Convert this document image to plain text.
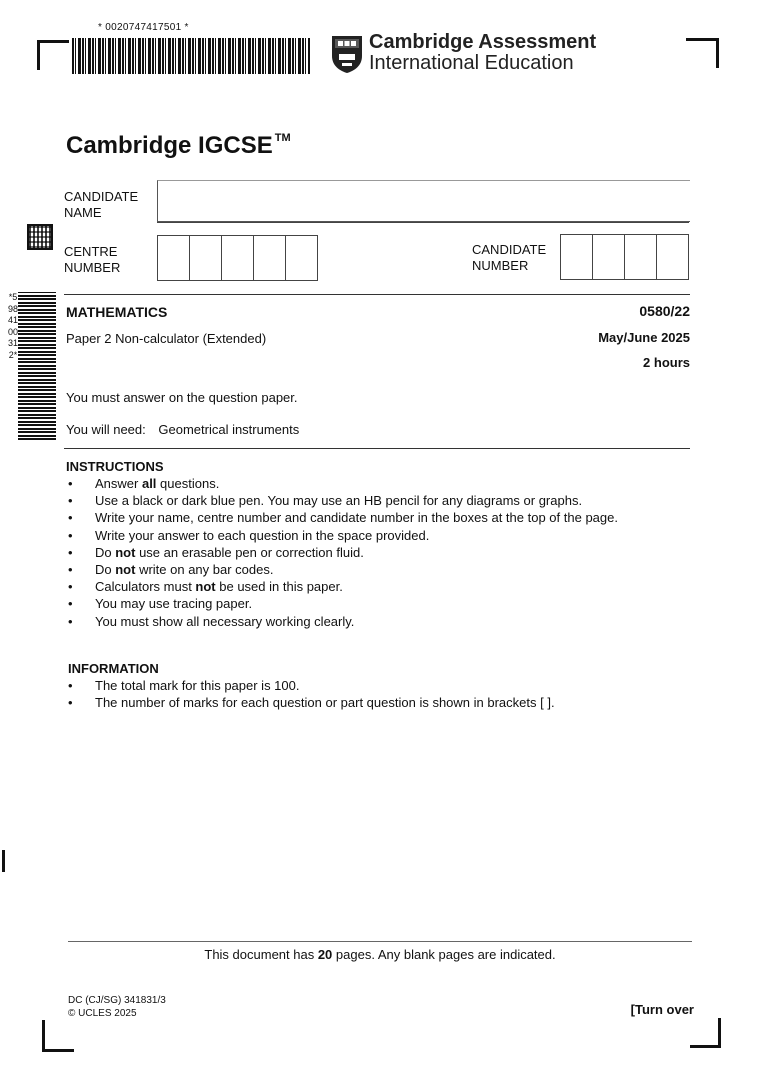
* 0020747417501 *
Cambridge Assessment
International Education
Cambridge IGCSE ™
CANDIDATE
NAME
*5984100312*
CENTRE
NUMBER
CANDIDATE
NUMBER
MATHEMATICS	0580/22
Paper 2 Non-calculator (Extended)	May/June 2025
2 hours
You must answer on the question paper.
You will need: Geometrical instruments
INSTRUCTIONS
• Answer all questions.
• Use a black or dark blue pen. You may use an HB pencil for any diagrams or graphs.
• Write your name, centre number and candidate number in the boxes at the top of the page.
• Write your answer to each question in the space provided.
• Do not use an erasable pen or correction fluid.
• Do not write on any bar codes.
• Calculators must not be used in this paper.
• You may use tracing paper.
• You must show all necessary working clearly.
INFORMATION
• The total mark for this paper is 100.
• The number of marks for each question or part question is shown in brackets [ ].
This document has 20 pages. Any blank pages are indicated.
DC (CJ/SG) 341831/3
© UCLES 2025	[Turn over
